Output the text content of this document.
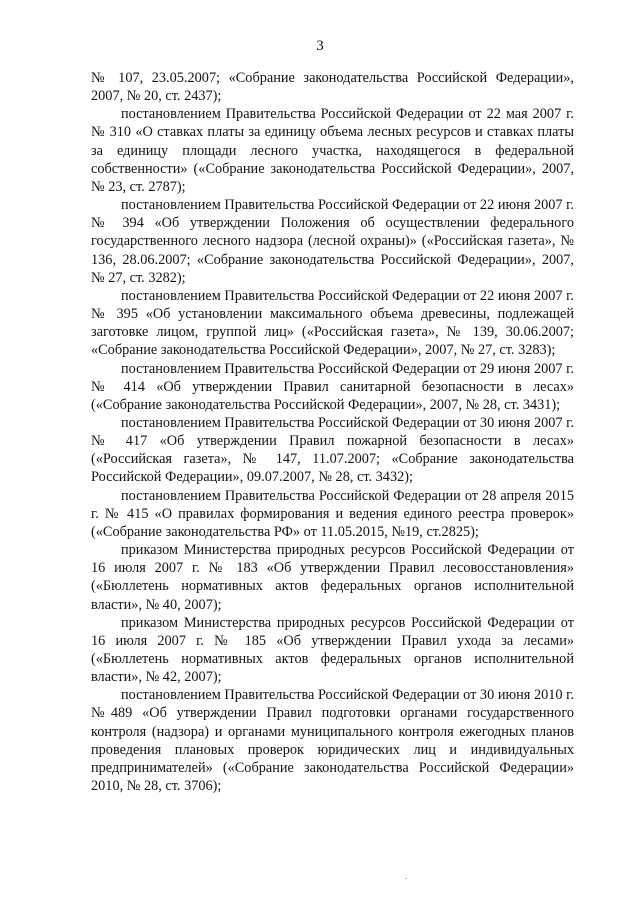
3

№ 107, 23.05.2007; «Собрание законодательства Российской Федерации», 2007, № 20, ст. 2437);

постановлением Правительства Российской Федерации от 22 мая 2007 г. № 310 «О ставках платы за единицу объема лесных ресурсов и ставках платы за единицу площади лесного участка, находящегося в федеральной собственности» («Собрание законодательства Российской Федерации», 2007, № 23, ст. 2787);

постановлением Правительства Российской Федерации от 22 июня 2007 г. № 394 «Об утверждении Положения об осуществлении федерального государственного лесного надзора (лесной охраны)» («Российская газета», № 136, 28.06.2007; «Собрание законодательства Российской Федерации», 2007, № 27, ст. 3282);

постановлением Правительства Российской Федерации от 22 июня 2007 г. № 395 «Об установлении максимального объема древесины, подлежащей заготовке лицом, группой лиц» («Российская газета», № 139, 30.06.2007; «Собрание законодательства Российской Федерации», 2007, № 27, ст. 3283);

постановлением Правительства Российской Федерации от 29 июня 2007 г. № 414 «Об утверждении Правил санитарной безопасности в лесах» («Собрание законодательства Российской Федерации», 2007, № 28, ст. 3431);

постановлением Правительства Российской Федерации от 30 июня 2007 г. № 417 «Об утверждении Правил пожарной безопасности в лесах» («Российская газета», № 147, 11.07.2007; «Собрание законодательства Российской Федерации», 09.07.2007, № 28, ст. 3432);

постановлением Правительства Российской Федерации от 28 апреля 2015 г. № 415 «О правилах формирования и ведения единого реестра проверок» («Собрание законодательства РФ» от 11.05.2015, №19, ст.2825);

приказом Министерства природных ресурсов Российской Федерации от 16 июля 2007 г. № 183 «Об утверждении Правил лесовосстановления» («Бюллетень нормативных актов федеральных органов исполнительной власти», № 40, 2007);

приказом Министерства природных ресурсов Российской Федерации от 16 июля 2007 г. № 185 «Об утверждении Правил ухода за лесами» («Бюллетень нормативных актов федеральных органов исполнительной власти», № 42, 2007);

постановлением Правительства Российской Федерации от 30 июня 2010 г. №489 «Об утверждении Правил подготовки органами государственного контроля (надзора) и органами муниципального контроля ежегодных планов проведения плановых проверок юридических лиц и индивидуальных предпринимателей» («Собрание законодательства Российской Федерации» 2010, № 28, ст. 3706);
